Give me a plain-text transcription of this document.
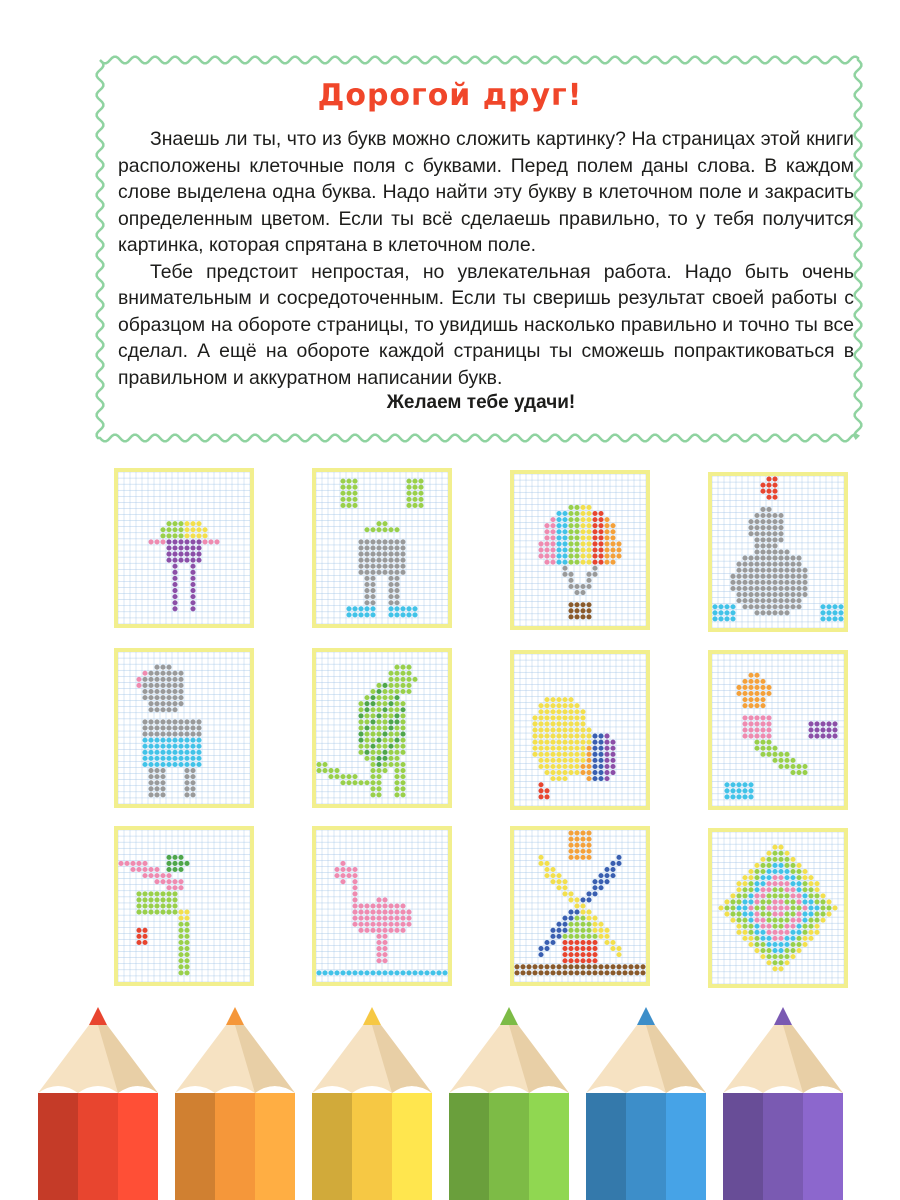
Дорогой друг!

Знаешь ли ты, что из букв можно сложить картинку? На страницах этой книги расположены клеточные поля с буквами. Перед полем даны слова. В каждом слове выделена одна буква. Надо найти эту букву в клеточном поле и закрасить определенным цветом. Если ты всё сделаешь правильно, то у тебя получится картинка, которая спрятана в клеточном поле.

Тебе предстоит непростая, но увлекательная работа. Надо быть очень внимательным и сосредоточенным. Если ты сверишь результат своей работы с образцом на обороте страницы, то увидишь насколько правильно и точно ты все сделал. А ещё на обороте каждой страницы ты сможешь попрактиковаться в правильном и аккуратном написании букв.

Желаем тебе удачи!
